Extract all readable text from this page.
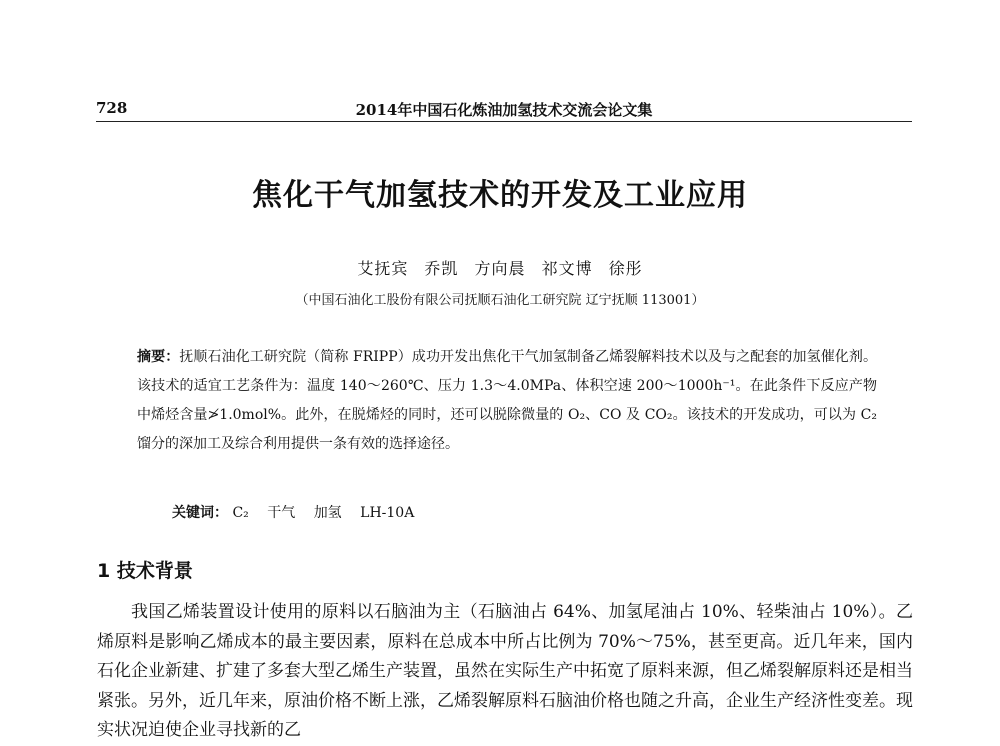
728	2014年中国石化炼油加氢技术交流会论文集
焦化干气加氢技术的开发及工业应用
艾抚宾 乔凯 方向晨 祁文博 徐彤
（中国石油化工股份有限公司抚顺石油化工研究院 辽宁抚顺 113001）

摘要：抚顺石油化工研究院（简称 FRIPP）成功开发出焦化干气加氢制备乙烯裂解料技术以及与之配套的加氢催化剂。该技术的适宜工艺条件为：温度 140～260℃、压力 1.3～4.0MPa、体积空速 200～1000h⁻¹。在此条件下反应产物中烯烃含量≯1.0mol%。此外，在脱烯烃的同时，还可以脱除微量的 O₂、CO 及 CO₂。该技术的开发成功，可以为 C₂ 馏分的深加工及综合利用提供一条有效的选择途径。

关键词： C₂ 干气 加氢 LH-10A

1 技术背景

我国乙烯装置设计使用的原料以石脑油为主（石脑油占 64%、加氢尾油占 10%、轻柴油占 10%）。乙烯原料是影响乙烯成本的最主要因素，原料在总成本中所占比例为 70%～75%，甚至更高。近几年来，国内石化企业新建、扩建了多套大型乙烯生产装置，虽然在实际生产中拓宽了原料来源，但乙烯裂解原料还是相当紧张。另外，近几年来，原油价格不断上涨，乙烯裂解原料石脑油价格也随之升高，企业生产经济性变差。现实状况迫使企业寻找新的乙
